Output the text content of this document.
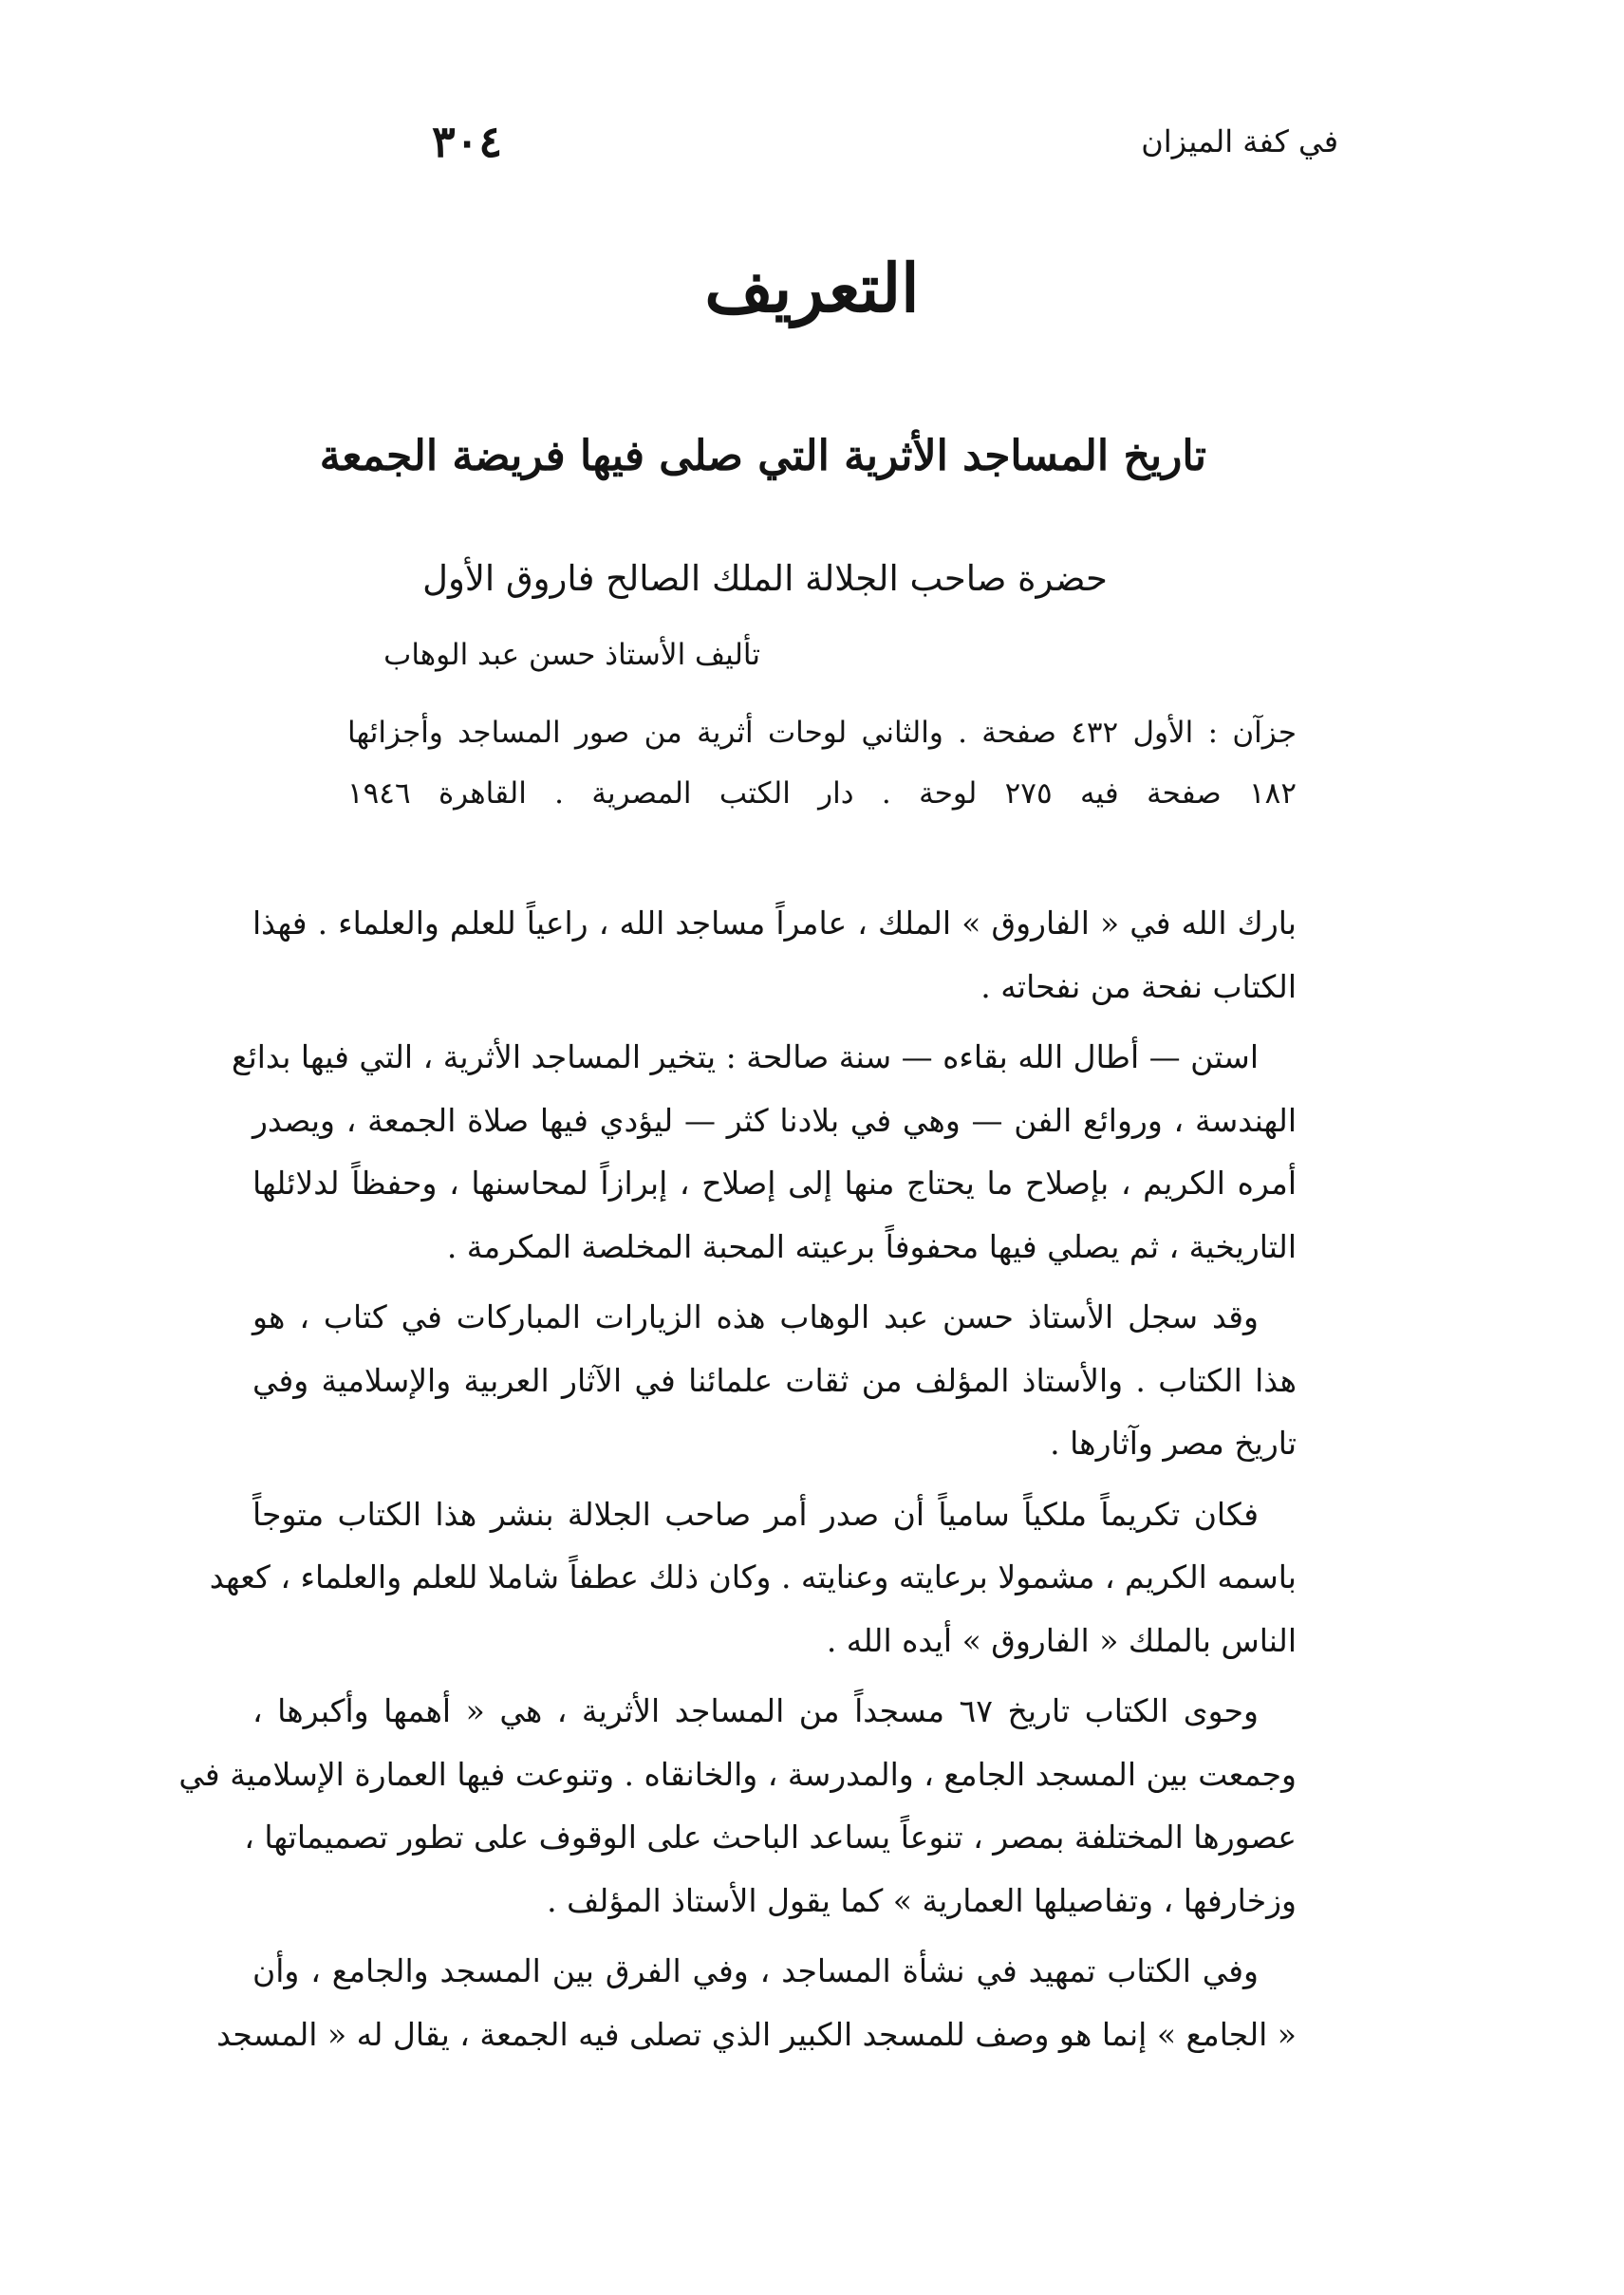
٣٠٤	في كفة الميزان
التعريف
تاريخ المساجد الأثرية التي صلى فيها فريضة الجمعة
حضرة صاحب الجلالة الملك الصالح فاروق الأول
تأليف الأستاذ حسن عبد الوهاب
جزآن : الأول ٤٣٢ صفحة . والثاني لوحات أثرية من صور المساجد وأجزائها
١٨٢ صفحة فيه ٢٧٥ لوحة . دار الكتب المصرية . القاهرة ١٩٤٦
بارك الله في « الفاروق » الملك ، عامراً مساجد الله ، راعياً للعلم والعلماء . فهذا
الكتاب نفحة من نفحاته .
استن — أطال الله بقاءه — سنة صالحة : يتخير المساجد الأثرية ، التي فيها بدائع
الهندسة ، وروائع الفن — وهي في بلادنا كثر — ليؤدي فيها صلاة الجمعة ، ويصدر
أمره الكريم ، بإصلاح ما يحتاج منها إلى إصلاح ، إبرازاً لمحاسنها ، وحفظاً لدلائلها
التاريخية ، ثم يصلي فيها محفوفاً برعيته المحبة المخلصة المكرمة .
وقد سجل الأستاذ حسن عبد الوهاب هذه الزيارات المباركات في كتاب ، هو
هذا الكتاب . والأستاذ المؤلف من ثقات علمائنا في الآثار العربية والإسلامية وفي
تاريخ مصر وآثارها .
فكان تكريماً ملكياً سامياً أن صدر أمر صاحب الجلالة بنشر هذا الكتاب متوجاً
باسمه الكريم ، مشمولا برعايته وعنايته . وكان ذلك عطفاً شاملا للعلم والعلماء ، كعهد
الناس بالملك « الفاروق » أيده الله .
وحوى الكتاب تاريخ ٦٧ مسجداً من المساجد الأثرية ، هي « أهمها وأكبرها ،
وجمعت بين المسجد الجامع ، والمدرسة ، والخانقاه . وتنوعت فيها العمارة الإسلامية في
عصورها المختلفة بمصر ، تنوعاً يساعد الباحث على الوقوف على تطور تصميماتها ،
وزخارفها ، وتفاصيلها العمارية » كما يقول الأستاذ المؤلف .
وفي الكتاب تمهيد في نشأة المساجد ، وفي الفرق بين المسجد والجامع ، وأن
« الجامع » إنما هو وصف للمسجد الكبير الذي تصلى فيه الجمعة ، يقال له « المسجد
